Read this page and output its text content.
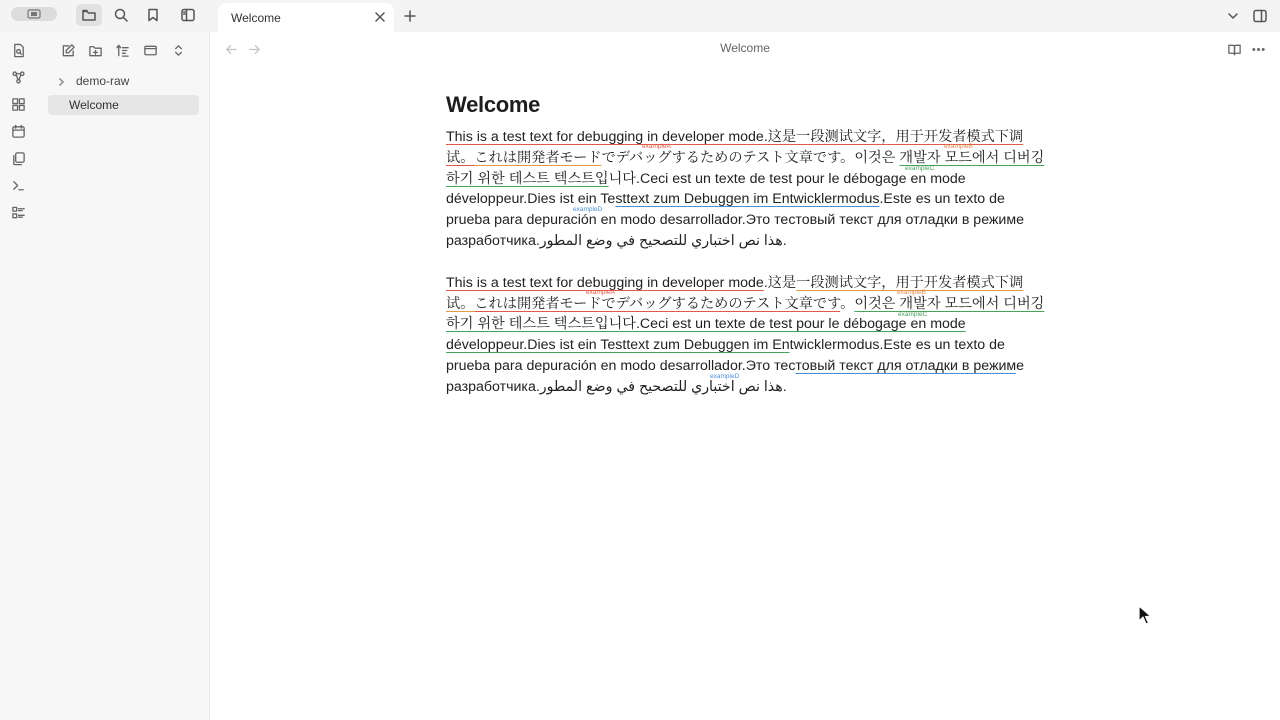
Welcome
demo-raw
Welcome
Welcome
Welcome

This is a test text for debugging in developer mode.这是一段测试文字，用于开发者模式下调试。これは開発者モードでデバッグするためのテスト文章です。이것은 개발자 모드에서 디버깅하기 위한 테스트 텍스트입니다.Ceci est un texte de test pour le débogage en mode développeur.Dies ist ein Testtext zum Debuggen im Entwicklermodus.Este es un texto de prueba para depuración en modo desarrollador.Это тестовый текст для отладки в режиме разработчика.هذا نص اختباري للتصحيح في وضع المطور.

exampleA	exampleB
exampleC
exampleD

This is a test text for debugging in developer mode.这是一段测试文字，用于开发者模式下调试。これは開発者モードでデバッグするためのテスト文章です。이것은 개발자 모드에서 디버깅하기 위한 테스트 텍스트입니다.Ceci est un texte de test pour le débogage en mode développeur.Dies ist ein Testtext zum Debuggen im Entwicklermodus.Este es un texto de prueba para depuración en modo desarrollador.Это тестовый текст для отладки в режиме разработчика.هذا نص اختباري للتصحيح في وضع المطور.

exampleA	exampleB
exampleC
exampleD
